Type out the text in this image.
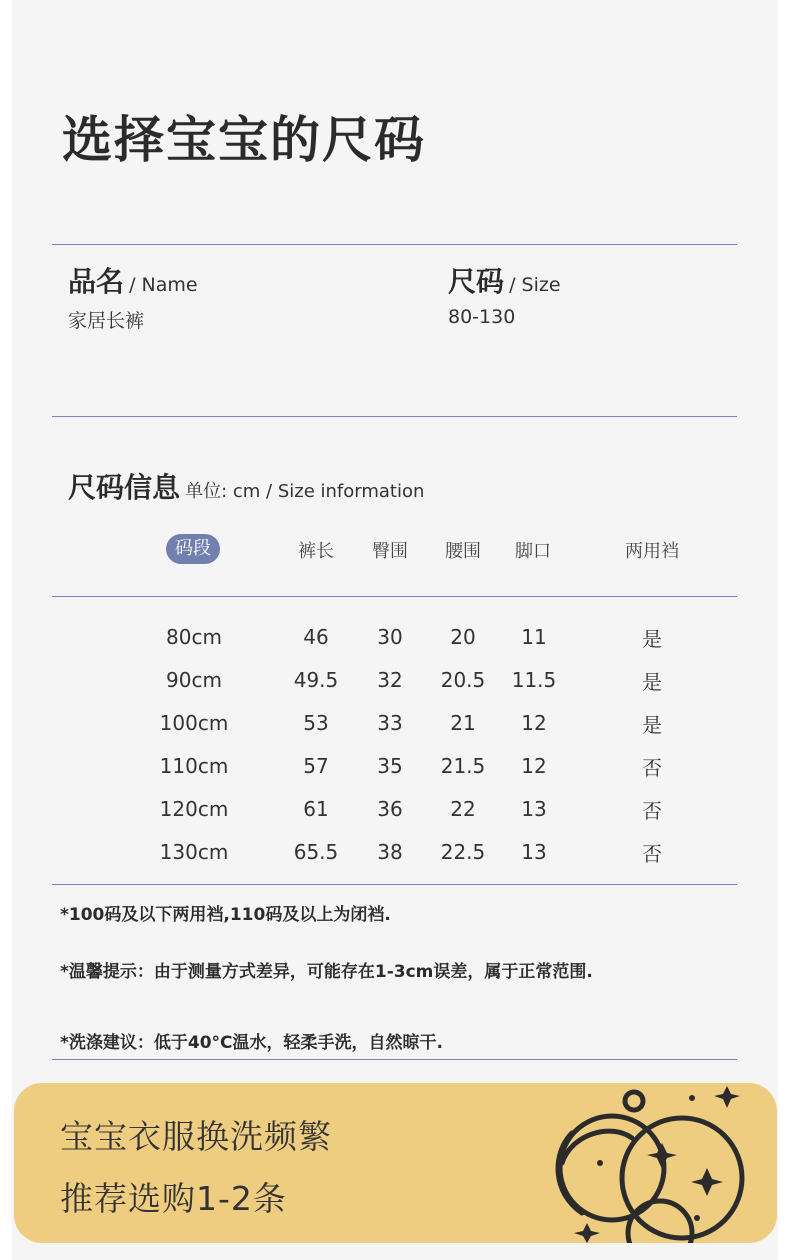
选择宝宝的尺码
品名 / Name
家居长裤
尺码 / Size
80-130
尺码信息 单位: cm / Size information
码段	裤长 臀围 腰围 脚口	两用裆
80cm	46 30 20 11	是
90cm	49.5 32 20.5 11.5	是
100cm	53 33 21 12	是
110cm	57 35 21.5 12	否
120cm	61 36 22 13	否
130cm	65.5 38 22.5 13	否
*100码及以下两用裆,110码及以上为闭裆.
*温馨提示：由于测量方式差异，可能存在1-3cm误差，属于正常范围.
*洗涤建议：低于40°C温水，轻柔手洗，自然晾干.
宝宝衣服换洗频繁
推荐选购1-2条
